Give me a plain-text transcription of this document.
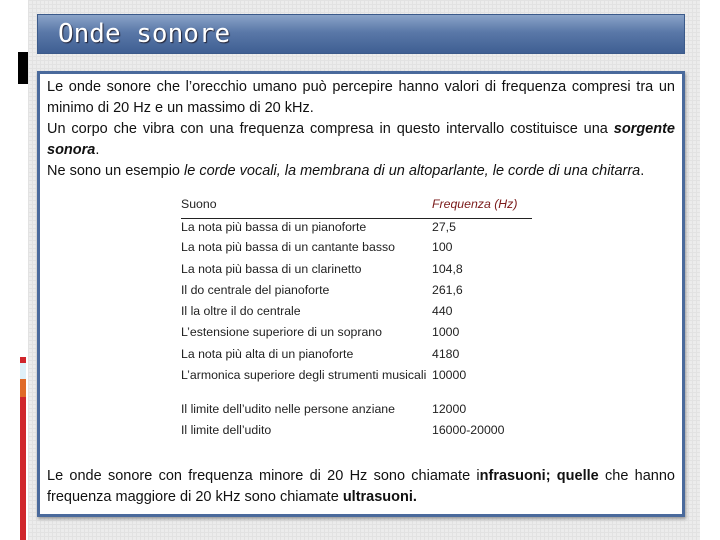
Onde sonore
Le onde sonore che l’orecchio umano può percepire hanno valori di frequenza compresi tra un minimo di 20 Hz e un massimo di 20 kHz.
Un corpo che vibra con una frequenza compresa in questo intervallo costituisce una sorgente sonora.
Ne sono un esempio le corde vocali, la membrana di un altoparlante, le corde di una chitarra.
Suono	Frequenza (Hz)
La nota più bassa di un pianoforte	27,5
La nota più bassa di un cantante basso	100
La nota più bassa di un clarinetto	104,8
Il do centrale del pianoforte	261,6
Il la oltre il do centrale	440
L’estensione superiore di un soprano	1000
La nota più alta di un pianoforte	4180
L’armonica superiore degli strumenti musicali	10000
Il limite dell’udito nelle persone anziane	12000
Il limite dell’udito	16000-20000
Le onde sonore con frequenza minore di 20 Hz sono chiamate infrasuoni; quelle che hanno frequenza maggiore di 20 kHz sono chiamate ultrasuoni.
